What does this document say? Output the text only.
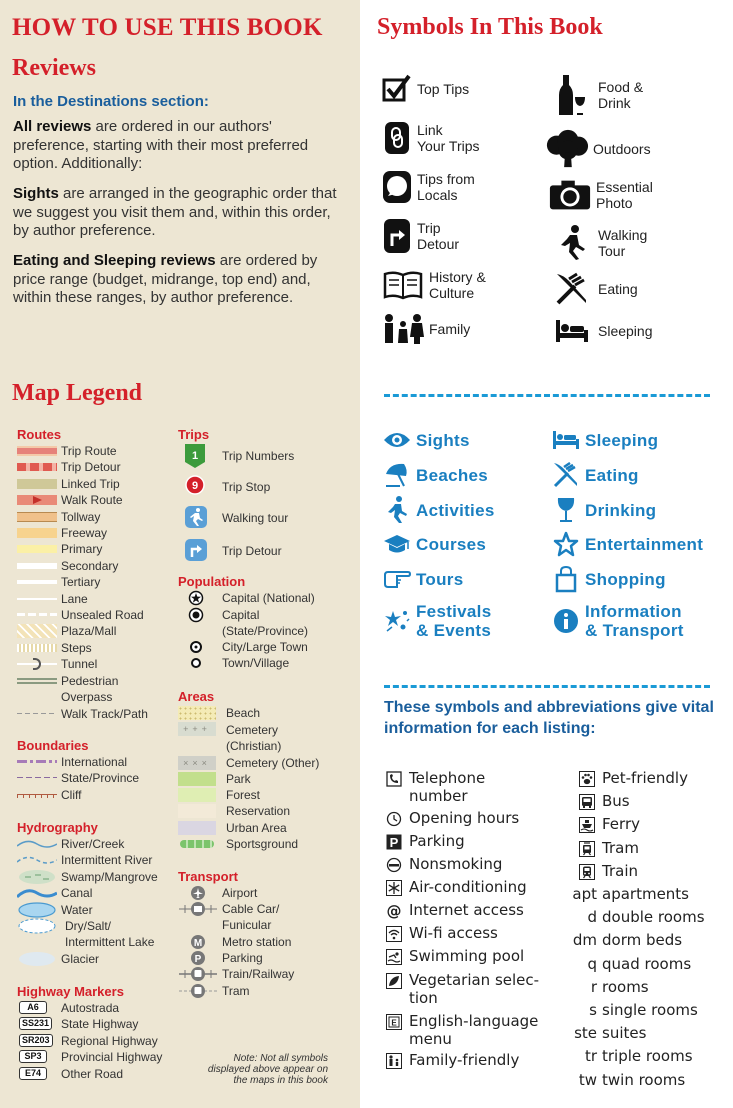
HOW TO USE THIS BOOK
Reviews
In the Destinations section:
All reviews are ordered in our authors' preference, starting with their most preferred option. Additionally:
Sights are arranged in the geographic order that we suggest you visit them and, within this order, by author preference.
Eating and Sleeping reviews are ordered by price range (budget, midrange, top end) and, within these ranges, by author preference.
Map Legend
Routes
Trip Route
Trip Detour
Linked Trip
Walk Route
Tollway
Freeway
Primary
Secondary
Tertiary
Lane
Unsealed Road
Plaza/Mall
Steps
Tunnel
Pedestrian
Overpass
Walk Track/Path
Boundaries
International
State/Province
Cliff
Hydrography
River/Creek
Intermittent River
Swamp/Mangrove
Canal
Water
Dry/Salt/
Intermittent Lake
Glacier
Highway Markers
A6	Autostrada
SS231 State Highway
SR203 Regional Highway
SP3	Provincial Highway
E74	Other Road
Trips
1 Trip Numbers
9 Trip Stop
Walking tour
Trip Detour
Population
Capital (National)
Capital
(State/Province)
City/Large Town
Town/Village
Areas
Beach
+++	Cemetery
(Christian)
×××	Cemetery (Other)
Park
Forest
Reservation
Urban Area
Sportsground
Transport
Airport
Cable Car/
Funicular
M Metro station
P Parking
Train/Railway
Tram
Note: Not all symbols displayed above appear on the maps in this book
Symbols In This Book
Top Tips
Link
Your Trips
Tips from
Locals
Trip
Detour
History &
Culture
Family
Food &
Drink
Outdoors
Essential
Photo
Walking
Tour
Eating
Sleeping
Sights
Beaches
Activities
Courses
Tours
Festivals
& Events
Sleeping
Eating
Drinking
Entertainment
Shopping
Information
& Transport
These symbols and abbreviations give vital information for each listing:
Telephone
number
Opening hours
P Parking
Nonsmoking
Air-conditioning
@ Internet access
Wi-fi access
Swimming pool
Vegetarian selec-
tion
E English-language
menu
Family-friendly
Pet-friendly
Bus
Ferry
Tram
Train
apt apartments
d double rooms
dm dorm beds
q quad rooms
r rooms
s single rooms
ste suites
tr triple rooms
tw twin rooms
